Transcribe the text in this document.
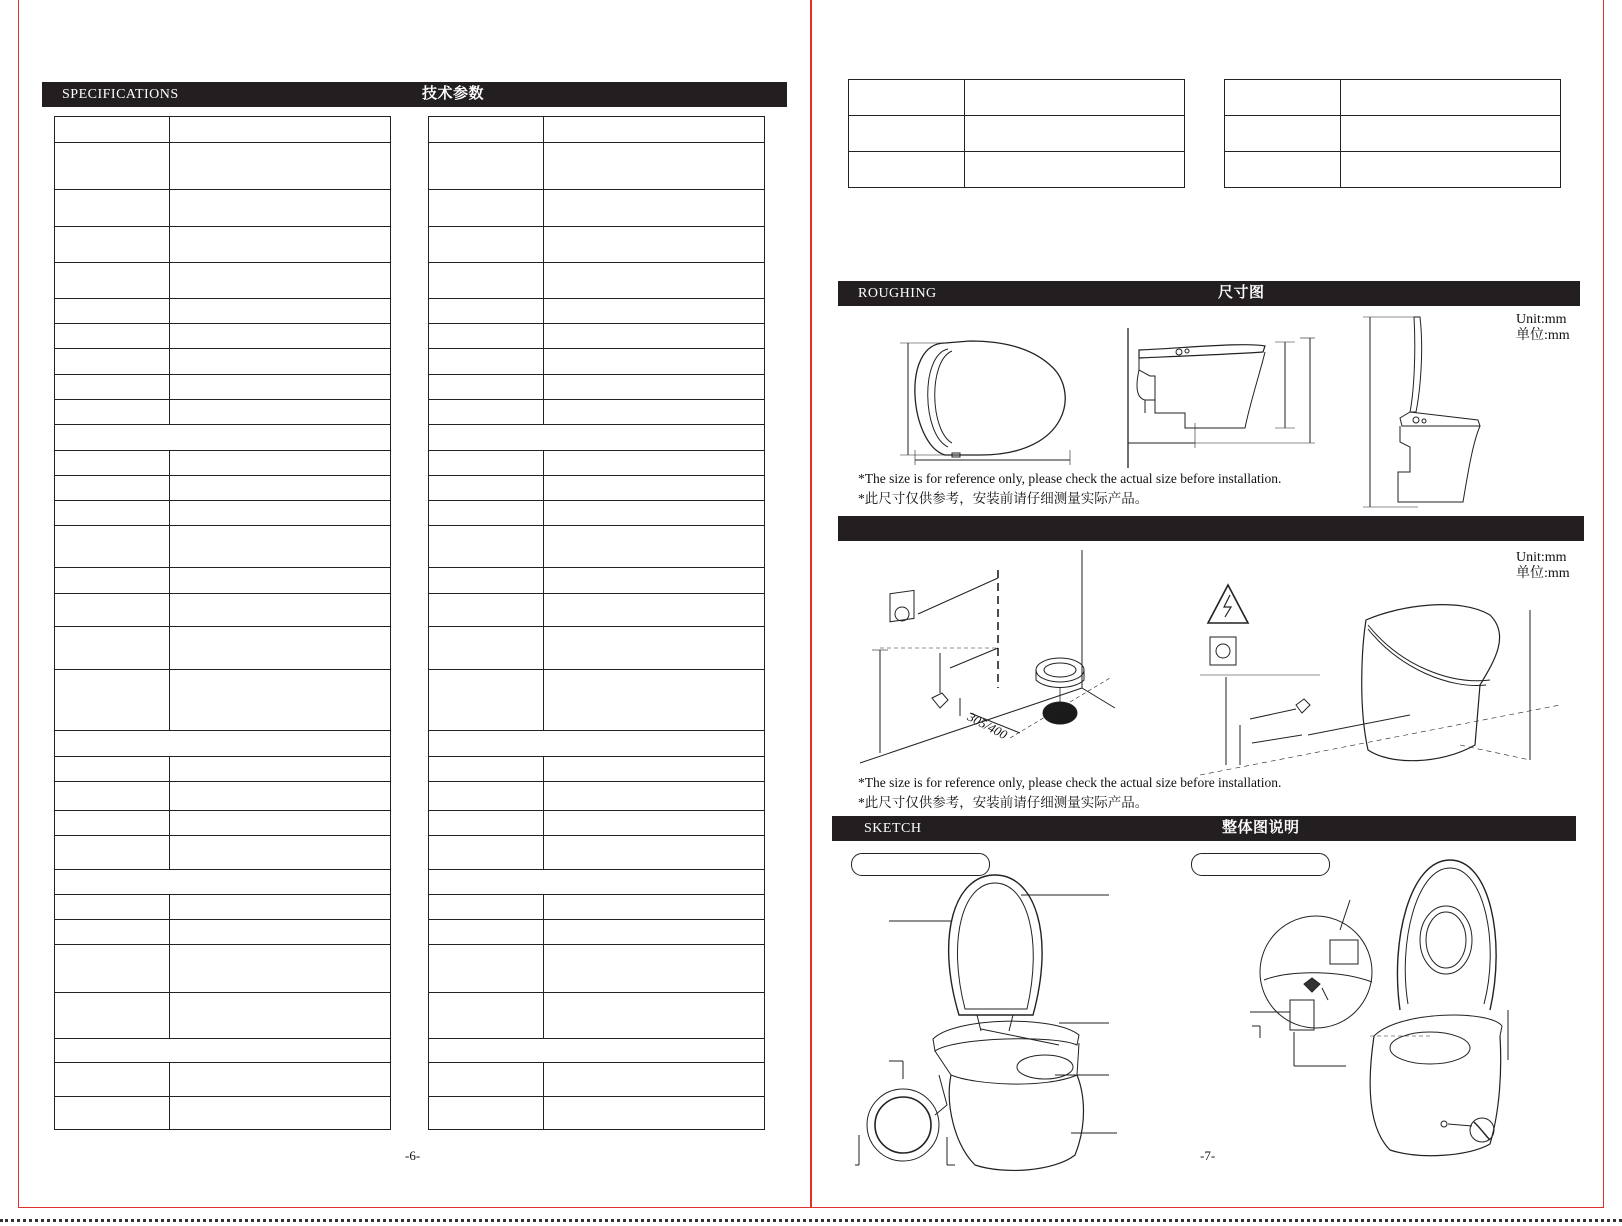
SPECIFICATIONS	技术参数

-6-

ROUGHING	尺寸图
Unit:mm
单位:mm
*The size is for reference only, please check the actual size before installation.
*此尺寸仅供参考，安装前请仔细测量实际产品。
Unit:mm
单位:mm
305/400
*The size is for reference only, please check the actual size before installation.
*此尺寸仅供参考，安装前请仔细测量实际产品。
SKETCH	整体图说明
-7-
